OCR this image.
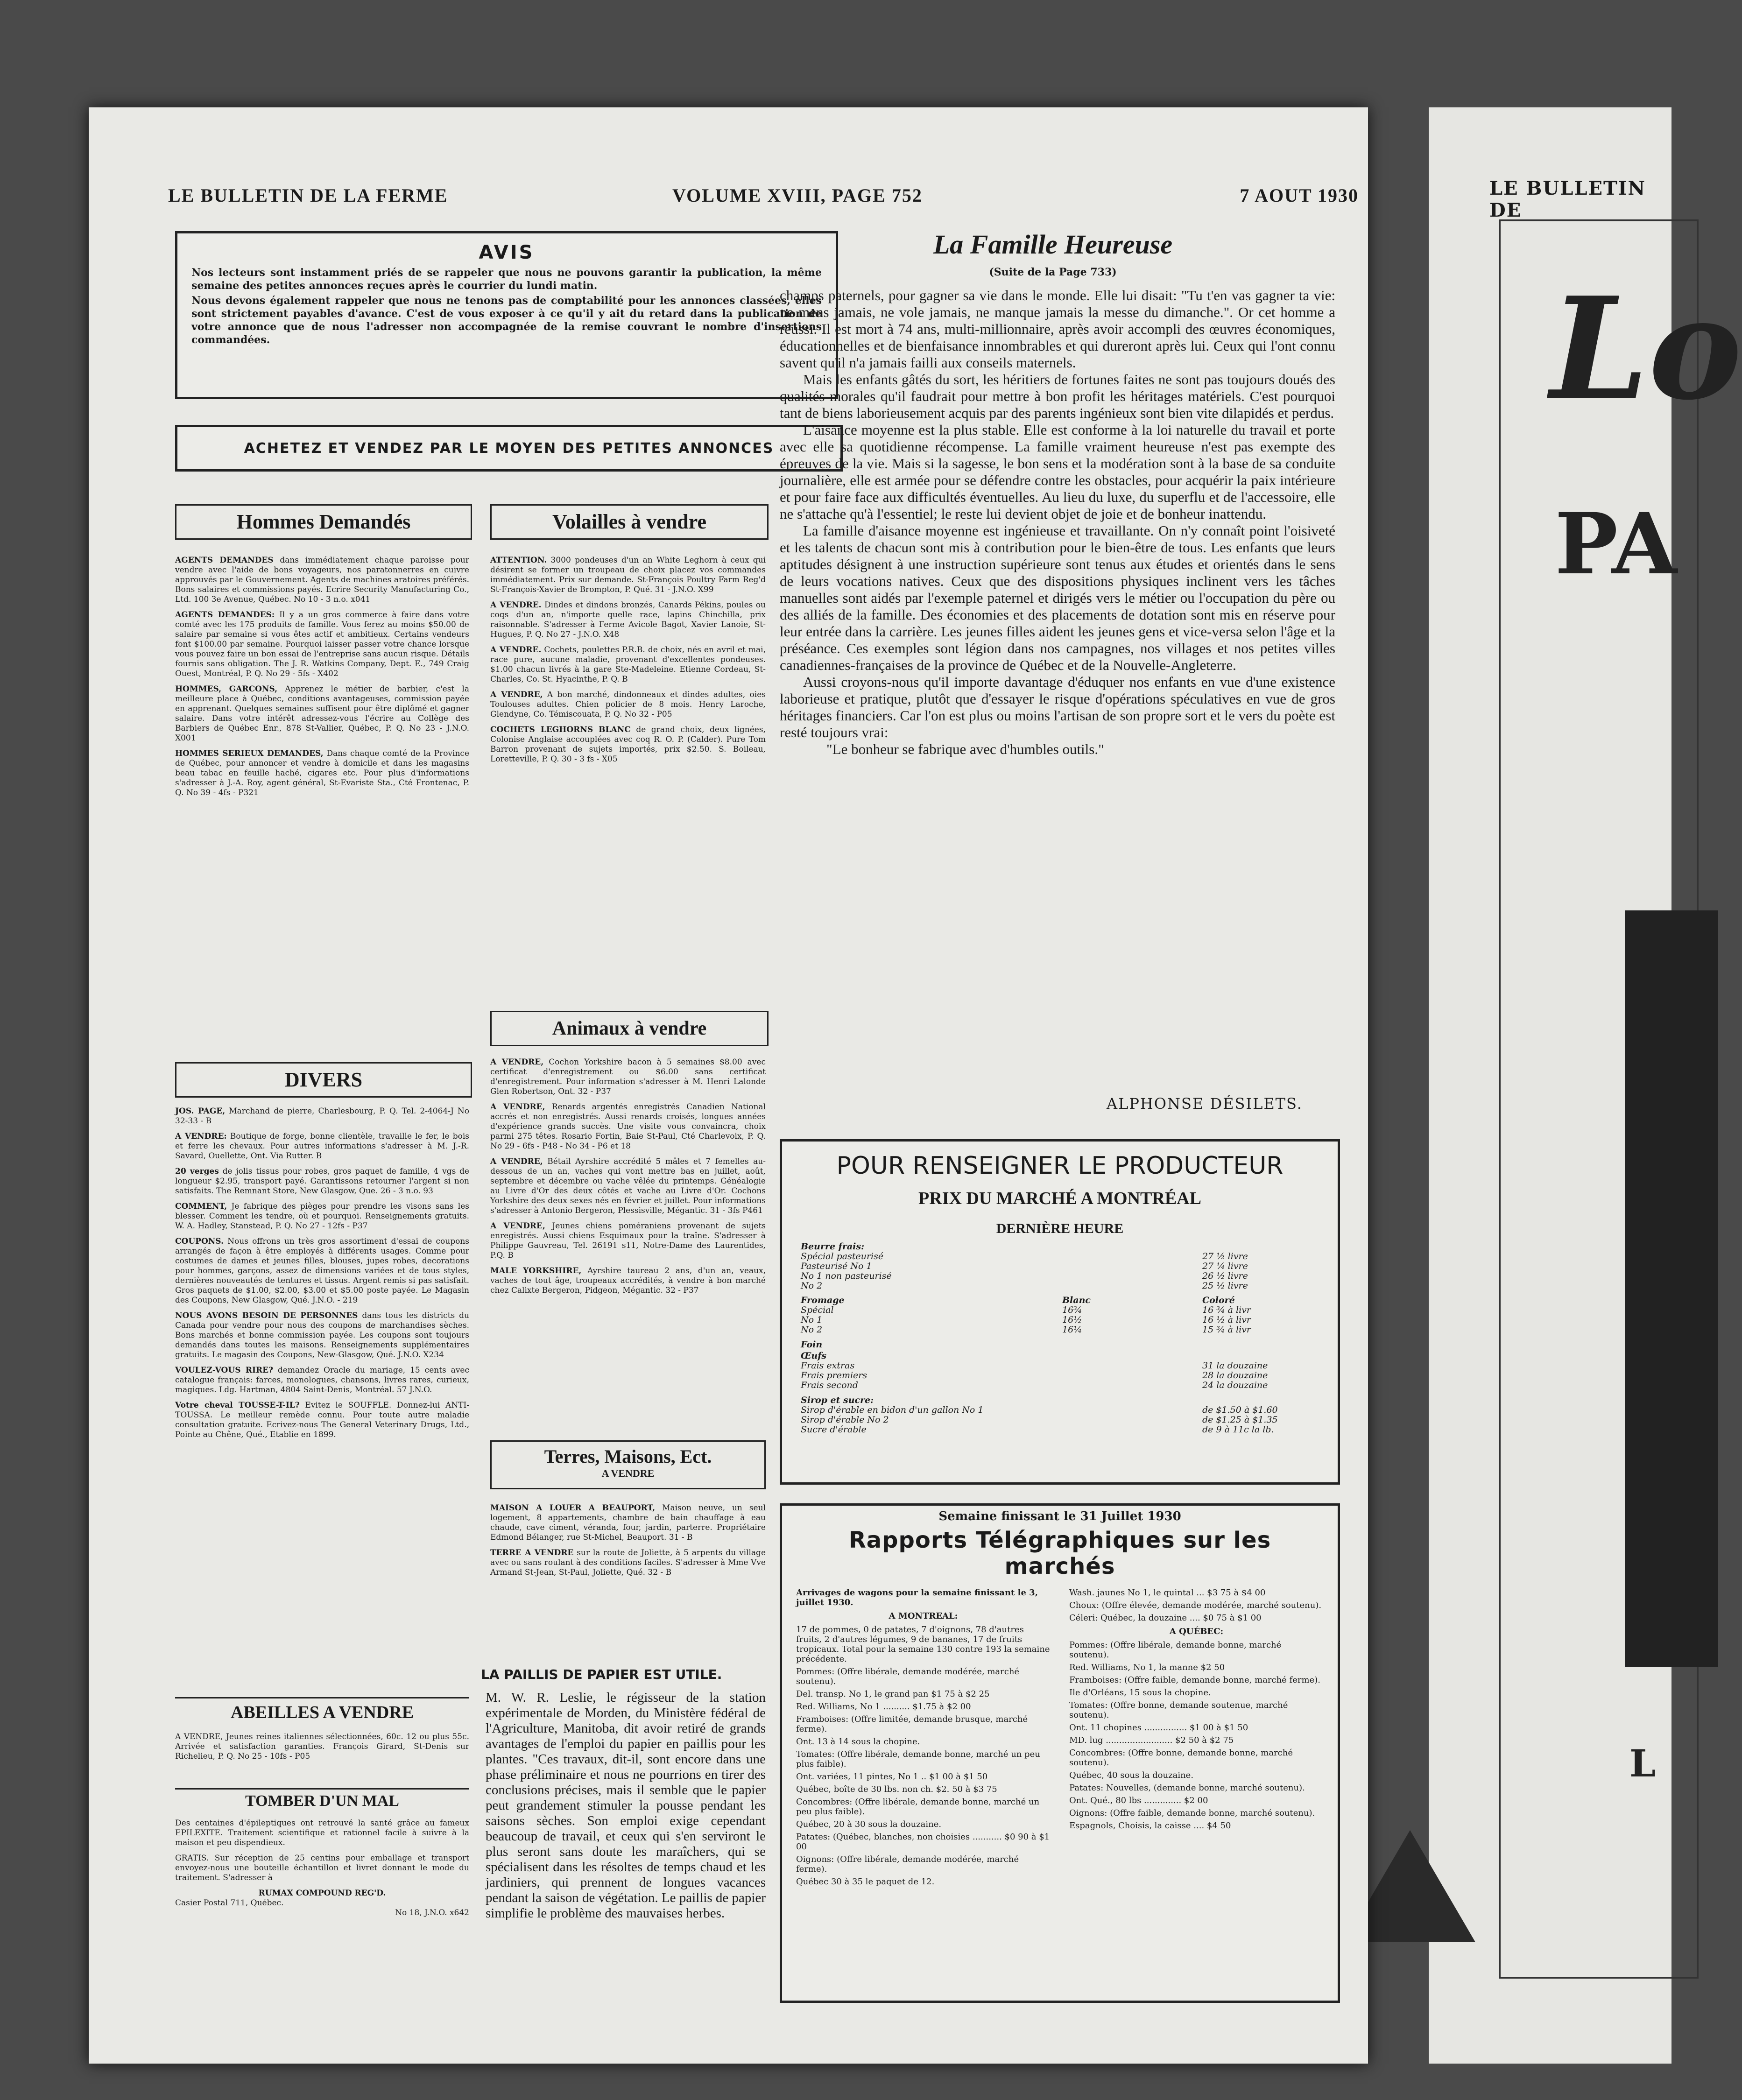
LE BULLETIN DE
Lo
PA
L
LE BULLETIN DE LA FERME	VOLUME XVIII, PAGE 752	7 AOUT 1930
AVIS

Nos lecteurs sont instamment priés de se rappeler que nous ne pouvons garantir la publication, la même semaine des petites annonces reçues après le courrier du lundi matin.

Nous devons également rappeler que nous ne tenons pas de comptabilité pour les annonces classées, elles sont strictement payables d'avance. C'est de vous exposer à ce qu'il y ait du retard dans la publication de votre annonce que de nous l'adresser non accompagnée de la remise couvrant le nombre d'insertions commandées.

ACHETEZ ET VENDEZ PAR LE MOYEN DES PETITES ANNONCES
Hommes Demandés

AGENTS DEMANDES dans immédiatement chaque paroisse pour vendre avec l'aide de bons voyageurs, nos paratonnerres en cuivre approuvés par le Gouvernement. Agents de machines aratoires préférés. Bons salaires et commissions payés. Ecrire Security Manufacturing Co., Ltd. 100 3e Avenue, Québec. No 10 - 3 n.o. x041

AGENTS DEMANDES: Il y a un gros commerce à faire dans votre comté avec les 175 produits de famille. Vous ferez au moins $50.00 de salaire par semaine si vous êtes actif et ambitieux. Certains vendeurs font $100.00 par semaine. Pourquoi laisser passer votre chance lorsque vous pouvez faire un bon essai de l'entreprise sans aucun risque. Détails fournis sans obligation. The J. R. Watkins Company, Dept. E., 749 Craig Ouest, Montréal, P. Q. No 29 - 5fs - X402

HOMMES, GARCONS, Apprenez le métier de barbier, c'est la meilleure place à Québec, conditions avantageuses, commission payée en apprenant. Quelques semaines suffisent pour être diplômé et gagner salaire. Dans votre intérêt adressez-vous l'écrire au Collège des Barbiers de Québec Enr., 878 St-Vallier, Québec, P. Q. No 23 - J.N.O. X001

HOMMES SERIEUX DEMANDES, Dans chaque comté de la Province de Québec, pour annoncer et vendre à domicile et dans les magasins beau tabac en feuille haché, cigares etc. Pour plus d'informations s'adresser à J.-A. Roy, agent général, St-Evariste Sta., Cté Frontenac, P. Q. No 39 - 4fs - P321

DIVERS

JOS. PAGE, Marchand de pierre, Charlesbourg, P. Q. Tel. 2-4064-J No 32-33 - B

A VENDRE: Boutique de forge, bonne clientèle, travaille le fer, le bois et ferre les chevaux. Pour autres informations s'adresser à M. J.-R. Savard, Ouellette, Ont. Via Rutter. B

20 verges de jolis tissus pour robes, gros paquet de famille, 4 vgs de longueur $2.95, transport payé. Garantissons retourner l'argent si non satisfaits. The Remnant Store, New Glasgow, Que. 26 - 3 n.o. 93

COMMENT, Je fabrique des pièges pour prendre les visons sans les blesser. Comment les tendre, où et pourquoi. Renseignements gratuits. W. A. Hadley, Stanstead, P. Q. No 27 - 12fs - P37

COUPONS. Nous offrons un très gros assortiment d'essai de coupons arrangés de façon à être employés à différents usages. Comme pour costumes de dames et jeunes filles, blouses, jupes robes, decorations pour hommes, garçons, assez de dimensions variées et de tous styles, dernières nouveautés de tentures et tissus. Argent remis si pas satisfait. Gros paquets de $1.00, $2.00, $3.00 et $5.00 poste payée. Le Magasin des Coupons, New Glasgow, Qué. J.N.O. - 219

NOUS AVONS BESOIN DE PERSONNES dans tous les districts du Canada pour vendre pour nous des coupons de marchandises sèches. Bons marchés et bonne commission payée. Les coupons sont toujours demandés dans toutes les maisons. Renseignements supplémentaires gratuits. Le magasin des Coupons, New-Glasgow, Qué. J.N.O. X234

VOULEZ-VOUS RIRE? demandez Oracle du mariage, 15 cents avec catalogue français: farces, monologues, chansons, livres rares, curieux, magiques. Ldg. Hartman, 4804 Saint-Denis, Montréal. 57 J.N.O.

Votre cheval TOUSSE-T-IL? Evitez le SOUFFLE. Donnez-lui ANTI-TOUSSA. Le meilleur remède connu. Pour toute autre maladie consultation gratuite. Ecrivez-nous The General Veterinary Drugs, Ltd., Pointe au Chêne, Qué., Etablie en 1899.

ABEILLES A VENDRE

A VENDRE, Jeunes reines italiennes sélectionnées, 60c. 12 ou plus 55c. Arrivée et satisfaction garanties. François Girard, St-Denis sur Richelieu, P. Q. No 25 - 10fs - P05

TOMBER D'UN MAL

Des centaines d'épileptiques ont retrouvé la santé grâce au fameux EPILEXITE. Traitement scientifique et rationnel facile à suivre à la maison et peu dispendieux.

GRATIS. Sur réception de 25 centins pour emballage et transport envoyez-nous une bouteille échantillon et livret donnant le mode du traitement. S'adresser à

RUMAX COMPOUND REG'D.

Casier Postal 711, Québec.

No 18, J.N.O. x642

Volailles à vendre

ATTENTION. 3000 pondeuses d'un an White Leghorn à ceux qui désirent se former un troupeau de choix placez vos commandes immédiatement. Prix sur demande. St-François Poultry Farm Reg'd St-François-Xavier de Brompton, P. Qué. 31 - J.N.O. X99

A VENDRE. Dindes et dindons bronzés, Canards Pékins, poules ou coqs d'un an, n'importe quelle race, lapins Chinchilla, prix raisonnable. S'adresser à Ferme Avicole Bagot, Xavier Lanoie, St-Hugues, P. Q. No 27 - J.N.O. X48

A VENDRE. Cochets, poulettes P.R.B. de choix, nés en avril et mai, race pure, aucune maladie, provenant d'excellentes pondeuses. $1.00 chacun livrés à la gare Ste-Madeleine. Etienne Cordeau, St-Charles, Co. St. Hyacinthe, P. Q. B

A VENDRE, A bon marché, dindonneaux et dindes adultes, oies Toulouses adultes. Chien policier de 8 mois. Henry Laroche, Glendyne, Co. Témiscouata, P. Q. No 32 - P05

COCHETS LEGHORNS BLANC de grand choix, deux lignées, Colonise Anglaise accouplées avec coq R. O. P. (Calder). Pure Tom Barron provenant de sujets importés, prix $2.50. S. Boileau, Loretteville, P. Q. 30 - 3 fs - X05

Animaux à vendre

A VENDRE, Cochon Yorkshire bacon à 5 semaines $8.00 avec certificat d'enregistrement ou $6.00 sans certificat d'enregistrement. Pour information s'adresser à M. Henri Lalonde Glen Robertson, Ont. 32 - P37

A VENDRE, Renards argentés enregistrés Canadien National accrés et non enregistrés. Aussi renards croisés, longues années d'expérience grands succès. Une visite vous convaincra, choix parmi 275 têtes. Rosario Fortin, Baie St-Paul, Cté Charlevoix, P. Q. No 29 - 6fs - P48 - No 34 - P6 et 18

A VENDRE, Bétail Ayrshire accrédité 5 mâles et 7 femelles au-dessous de un an, vaches qui vont mettre bas en juillet, août, septembre et décembre ou vache vêlée du printemps. Généalogie au Livre d'Or des deux côtés et vache au Livre d'Or. Cochons Yorkshire des deux sexes nés en février et juillet. Pour informations s'adresser à Antonio Bergeron, Plessisville, Mégantic. 31 - 3fs P461

A VENDRE, Jeunes chiens poméraniens provenant de sujets enregistrés. Aussi chiens Esquimaux pour la traîne. S'adresser à Philippe Gauvreau, Tel. 26191 s11, Notre-Dame des Laurentides, P.Q. B

MALE YORKSHIRE, Ayrshire taureau 2 ans, d'un an, veaux, vaches de tout âge, troupeaux accrédités, à vendre à bon marché chez Calixte Bergeron, Pidgeon, Mégantic. 32 - P37

Terres, Maisons, Ect.
A VENDRE

MAISON A LOUER A BEAUPORT, Maison neuve, un seul logement, 8 appartements, chambre de bain chauffage à eau chaude, cave ciment, véranda, four, jardin, parterre. Propriétaire Edmond Bélanger, rue St-Michel, Beauport. 31 - B

TERRE A VENDRE sur la route de Joliette, à 5 arpents du village avec ou sans roulant à des conditions faciles. S'adresser à Mme Vve Armand St-Jean, St-Paul, Joliette, Qué. 32 - B

LA PAILLIS DE PAPIER EST UTILE.
M. W. R. Leslie, le régisseur de la station expérimentale de Morden, du Ministère fédéral de l'Agriculture, Manitoba, dit avoir retiré de grands avantages de l'emploi du papier en paillis pour les plantes. "Ces travaux, dit-il, sont encore dans une phase préliminaire et nous ne pourrions en tirer des conclusions précises, mais il semble que le papier peut grandement stimuler la pousse pendant les saisons sèches. Son emploi exige cependant beaucoup de travail, et ceux qui s'en serviront le plus seront sans doute les maraîchers, qui se spécialisent dans les résoltes de temps chaud et les jardiniers, qui prennent de longues vacances pendant la saison de végétation. Le paillis de papier simplifie le problème des mauvaises herbes.
La Famille Heureuse
(Suite de la Page 733)

champs paternels, pour gagner sa vie dans le monde. Elle lui disait: "Tu t'en vas gagner ta vie: ne mens jamais, ne vole jamais, ne manque jamais la messe du dimanche.". Or cet homme a réussi. Il est mort à 74 ans, multi-millionnaire, après avoir accompli des œuvres économiques, éducationnelles et de bienfaisance innombrables et qui dureront après lui. Ceux qui l'ont connu savent qu'il n'a jamais failli aux conseils maternels.

Mais les enfants gâtés du sort, les héritiers de fortunes faites ne sont pas toujours doués des qualités morales qu'il faudrait pour mettre à bon profit les héritages matériels. C'est pourquoi tant de biens laborieusement acquis par des parents ingénieux sont bien vite dilapidés et perdus.

L'aisance moyenne est la plus stable. Elle est conforme à la loi naturelle du travail et porte avec elle sa quotidienne récompense. La famille vraiment heureuse n'est pas exempte des épreuves de la vie. Mais si la sagesse, le bon sens et la modération sont à la base de sa conduite journalière, elle est armée pour se défendre contre les obstacles, pour acquérir la paix intérieure et pour faire face aux difficultés éventuelles. Au lieu du luxe, du superflu et de l'accessoire, elle ne s'attache qu'à l'essentiel; le reste lui devient objet de joie et de bonheur inattendu.

La famille d'aisance moyenne est ingénieuse et travaillante. On n'y connaît point l'oisiveté et les talents de chacun sont mis à contribution pour le bien-être de tous. Les enfants que leurs aptitudes désignent à une instruction supérieure sont tenus aux études et orientés dans le sens de leurs vocations natives. Ceux que des dispositions physiques inclinent vers les tâches manuelles sont aidés par l'exemple paternel et dirigés vers le métier ou l'occupation du père ou des alliés de la famille. Des économies et des placements de dotation sont mis en réserve pour leur entrée dans la carrière. Les jeunes filles aident les jeunes gens et vice-versa selon l'âge et la préséance. Ces exemples sont légion dans nos campagnes, nos villages et nos petites villes canadiennes-françaises de la province de Québec et de la Nouvelle-Angleterre.

Aussi croyons-nous qu'il importe davantage d'éduquer nos enfants en vue d'une existence laborieuse et pratique, plutôt que d'essayer le risque d'opérations spéculatives en vue de gros héritages financiers. Car l'on est plus ou moins l'artisan de son propre sort et le vers du poète est resté toujours vrai:

"Le bonheur se fabrique avec d'humbles outils."

ALPHONSE DÉSILETS.
POUR RENSEIGNER LE PRODUCTEUR
PRIX DU MARCHÉ A MONTRÉAL
DERNIÈRE HEURE
Beurre frais:
Spécial pasteurisé	27 ½ livre
Pasteurisé No 1	27 ¼ livre
No 1 non pasteurisé	26 ½ livre
No 2	25 ½ livre
Fromage	Blanc	Coloré
Spécial	16¾	16 ¾ à livr
No 1	16½	16 ½ à livr
No 2	16¼	15 ¾ à livr
Foin
Œufs
Frais extras	31 la douzaine
Frais premiers	28 la douzaine
Frais second	24 la douzaine
Sirop et sucre:
Sirop d'érable en bidon d'un gallon No 1	de $1.50 à $1.60
Sirop d'érable No 2	de $1.25 à $1.35
Sucre d'érable	de 9 à 11c la lb.
Semaine finissant le 31 Juillet 1930
Rapports Télégraphiques sur les marchés

Arrivages de wagons pour la semaine finissant le 3, juillet 1930.

A MONTREAL:

17 de pommes, 0 de patates, 7 d'oignons, 78 d'autres fruits, 2 d'autres légumes, 9 de bananes, 17 de fruits tropicaux. Total pour la semaine 130 contre 193 la semaine précédente.

Pommes: (Offre libérale, demande modérée, marché soutenu).

Del. transp. No 1, le grand pan $1 75 à $2 25

Red. Williams, No 1 .......... $1.75 à $2 00

Framboises: (Offre limitée, demande brusque, marché ferme).

Ont. 13 à 14 sous la chopine.

Tomates: (Offre libérale, demande bonne, marché un peu plus faible).

Ont. variées, 11 pintes, No 1 .. $1 00 à $1 50

Québec, boîte de 30 lbs. non ch. $2. 50 à $3 75

Concombres: (Offre libérale, demande bonne, marché un peu plus faible).

Québec, 20 à 30 sous la douzaine.

Patates: (Québec, blanches, non choisies ........... $0 90 à $1 00

Oignons: (Offre libérale, demande modérée, marché ferme).

Québec 30 à 35 le paquet de 12.

Wash. jaunes No 1, le quintal ... $3 75 à $4 00

Choux: (Offre élevée, demande modérée, marché soutenu).

Céleri: Québec, la douzaine .... $0 75 à $1 00

A QUÉBEC:

Pommes: (Offre libérale, demande bonne, marché soutenu).

Red. Williams, No 1, la manne $2 50

Framboises: (Offre faible, demande bonne, marché ferme).

Ile d'Orléans, 15 sous la chopine.

Tomates: (Offre bonne, demande soutenue, marché soutenu).

Ont. 11 chopines ................ $1 00 à $1 50

MD. lug ......................... $2 50 à $2 75

Concombres: (Offre bonne, demande bonne, marché soutenu).

Québec, 40 sous la douzaine.

Patates: Nouvelles, (demande bonne, marché soutenu).

Ont. Qué., 80 lbs .............. $2 00

Oignons: (Offre faible, demande bonne, marché soutenu).

Espagnols, Choisis, la caisse .... $4 50
